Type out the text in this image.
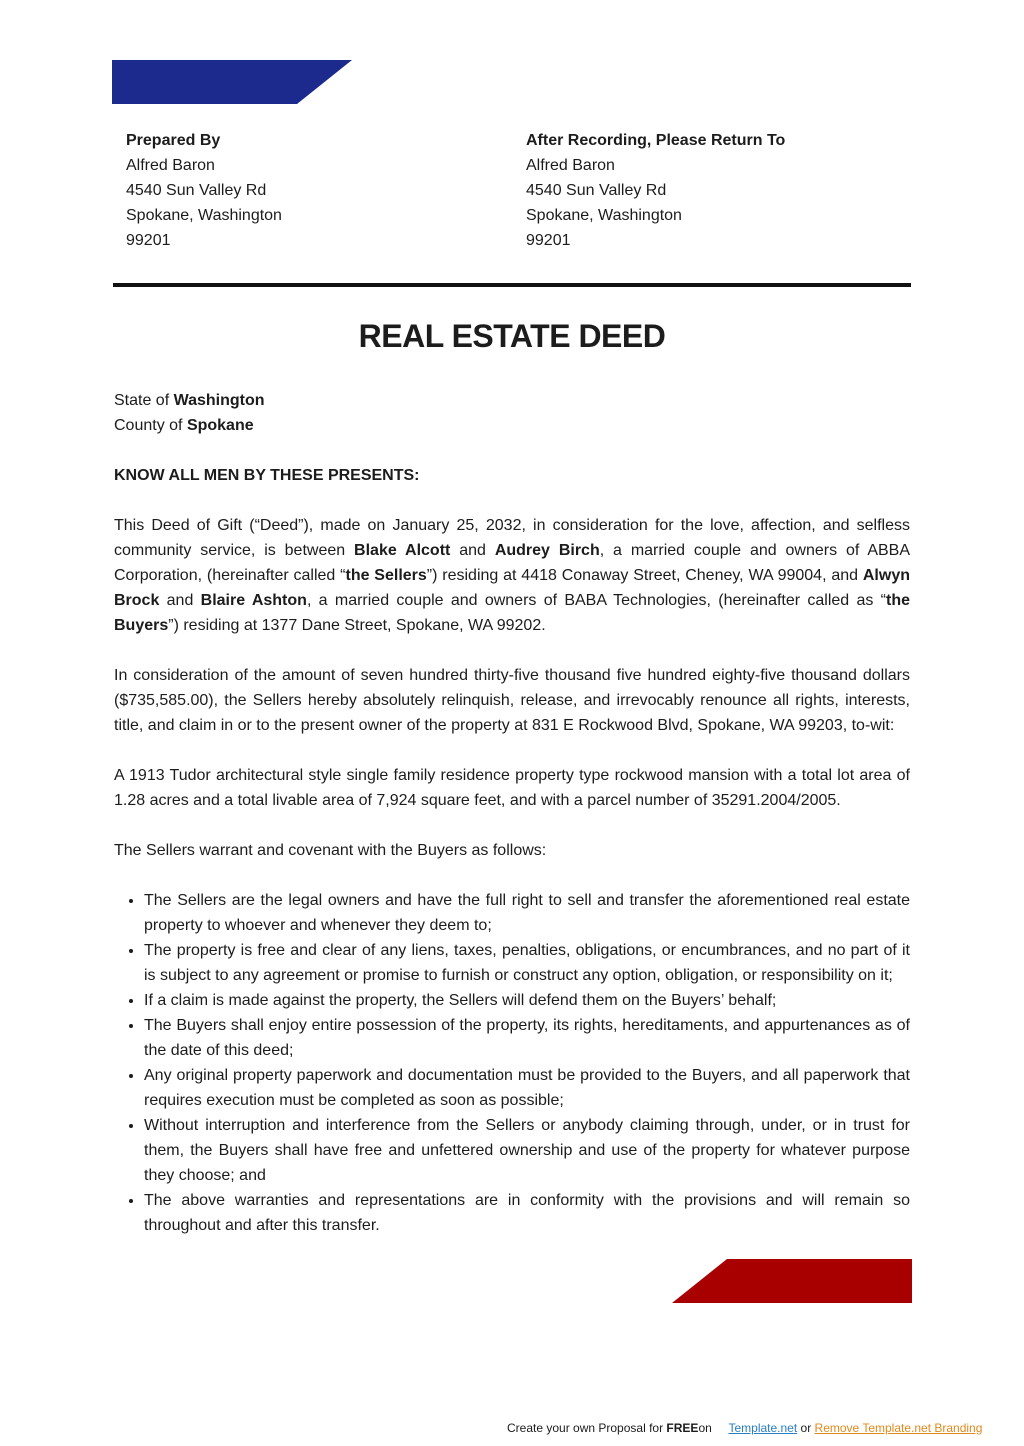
Prepared By
Alfred Baron
4540 Sun Valley Rd
Spokane, Washington
99201
After Recording, Please Return To
Alfred Baron
4540 Sun Valley Rd
Spokane, Washington
99201
REAL ESTATE DEED

State of Washington

County of Spokane

KNOW ALL MEN BY THESE PRESENTS:

This Deed of Gift (“Deed”), made on January 25, 2032, in consideration for the love, affection, and selfless community service, is between Blake Alcott and Audrey Birch, a married couple and owners of ABBA Corporation, (hereinafter called “the Sellers”) residing at 4418 Conaway Street, Cheney, WA 99004, and Alwyn Brock and Blaire Ashton, a married couple and owners of BABA Technologies, (hereinafter called as “the Buyers”) residing at 1377 Dane Street, Spokane, WA 99202.

In consideration of the amount of seven hundred thirty-five thousand five hundred eighty-five thousand dollars ($735,585.00), the Sellers hereby absolutely relinquish, release, and irrevocably renounce all rights, interests, title, and claim in or to the present owner of the property at 831 E Rockwood Blvd, Spokane, WA 99203, to-wit:

A 1913 Tudor architectural style single family residence property type rockwood mansion with a total lot area of 1.28 acres and a total livable area of 7,924 square feet, and with a parcel number of 35291.2004/2005.

The Sellers warrant and covenant with the Buyers as follows:

• The Sellers are the legal owners and have the full right to sell and transfer the aforementioned real estate property to whoever and whenever they deem to;
• The property is free and clear of any liens, taxes, penalties, obligations, or encumbrances, and no part of it is subject to any agreement or promise to furnish or construct any option, obligation, or responsibility on it;
• If a claim is made against the property, the Sellers will defend them on the Buyers’ behalf;
• The Buyers shall enjoy entire possession of the property, its rights, hereditaments, and appurtenances as of the date of this deed;
• Any original property paperwork and documentation must be provided to the Buyers, and all paperwork that requires execution must be completed as soon as possible;
• Without interruption and interference from the Sellers or anybody claiming through, under, or in trust for them, the Buyers shall have free and unfettered ownership and use of the property for whatever purpose they choose; and
• The above warranties and representations are in conformity with the provisions and will remain so throughout and after this transfer.
Create your own Proposal for FREEon     Template.net or Remove Template.net Branding
